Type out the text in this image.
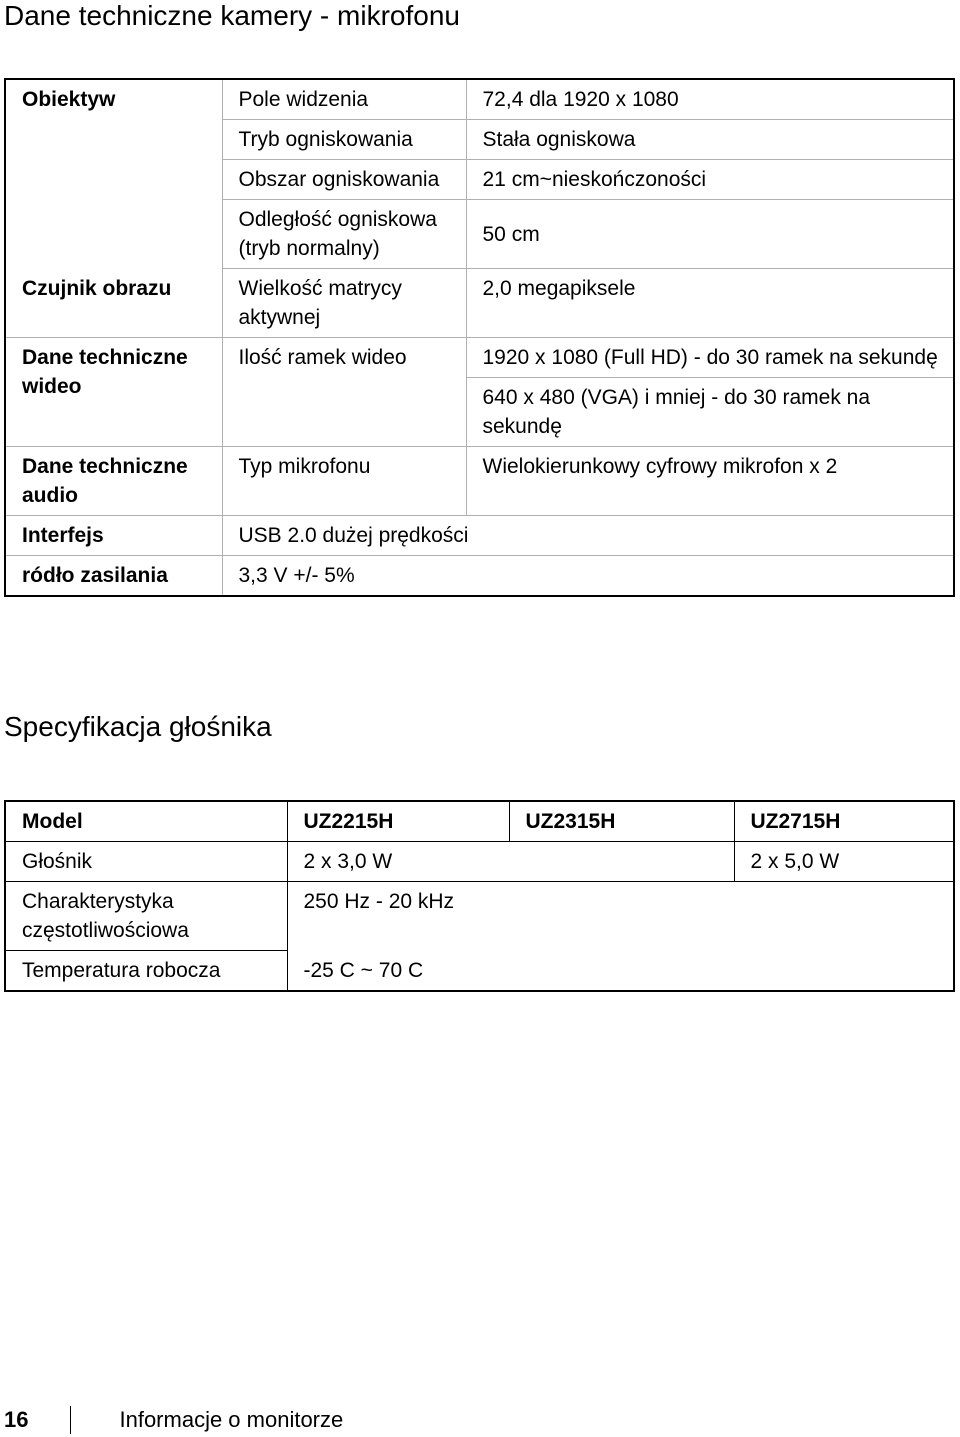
Dane techniczne kamery - mikrofonu
Obiektyw	Pole widzenia	72,4 dla 1920 x 1080
	Tryb ogniskowania	Stała ogniskowa
	Obszar ogniskowania	21 cm~nieskończoności
	Odległość ogniskowa (tryb normalny)	50 cm
Czujnik obrazu	Wielkość matrycy aktywnej	2,0 megapiksele
Dane techniczne wideo	Ilość ramek wideo	1920 x 1080 (Full HD) - do 30 ramek na sekundę
		640 x 480 (VGA) i mniej - do 30 ramek na sekundę
Dane techniczne audio	Typ mikrofonu	Wielokierunkowy cyfrowy mikrofon x 2
Interfejs	USB 2.0 dużej prędkości	
ródło zasilania	3,3 V +/- 5%	
Specyfikacja głośnika
Model	UZ2215H	UZ2315H	UZ2715H
Głośnik	2 x 3,0 W		2 x 5,0 W
Charakterystyka częstotliwościowa	250 Hz - 20 kHz		
Temperatura robocza	-25 C ~ 70 C		
16	Informacje o monitorze
